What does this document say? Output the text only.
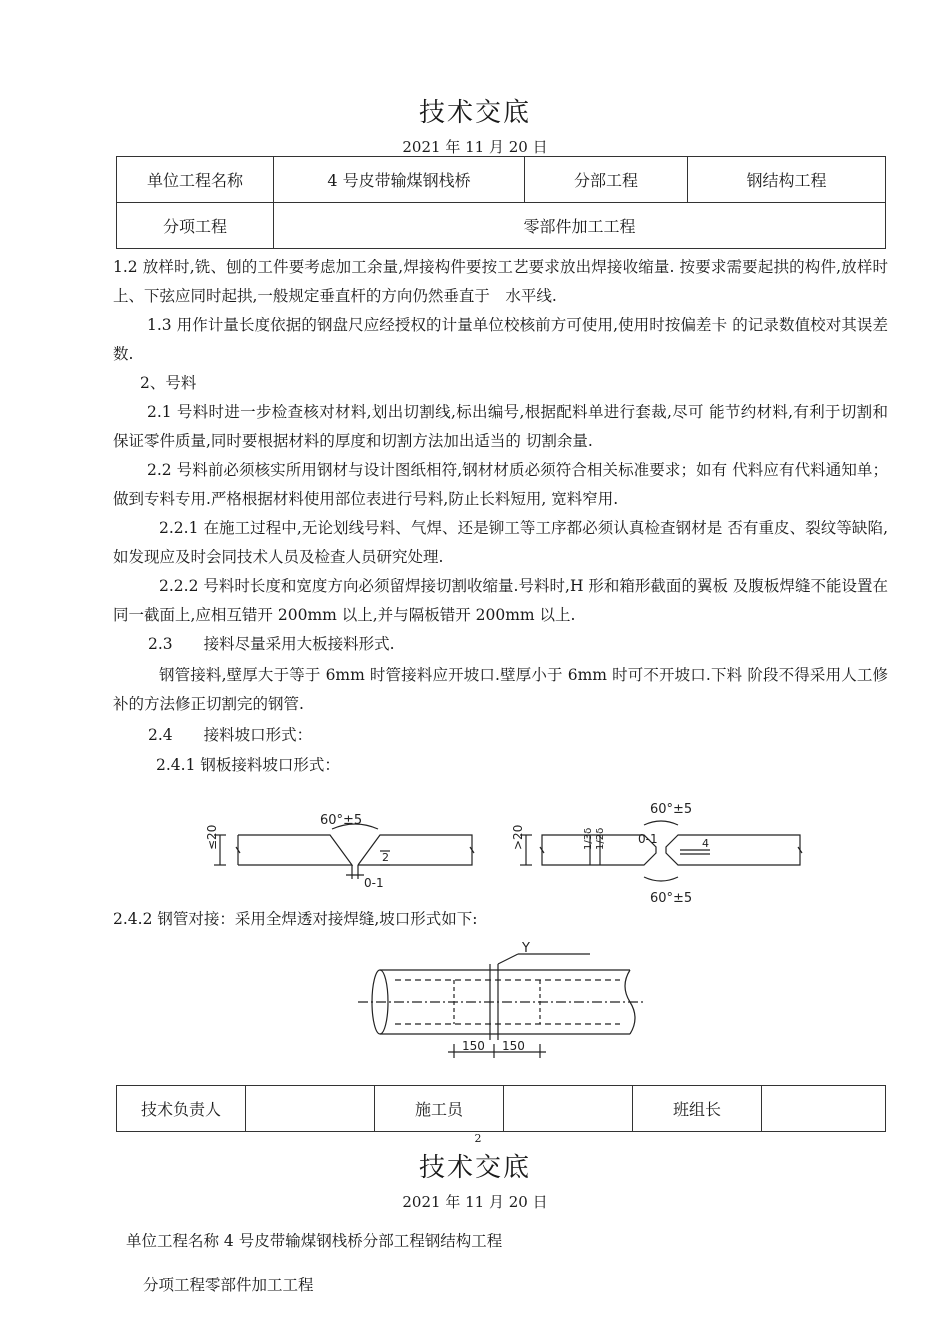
技术交底
2021 年 11 月 20 日
单位工程名称	4 号皮带输煤钢栈桥	分部工程	钢结构工程
分项工程	零部件加工工程		
1.2 放样时,铣、刨的工件要考虑加工余量,焊接构件要按工艺要求放出焊接收缩量. 按要求需要起拱的构件,放样时上、下弦应同时起拱,一般规定垂直杆的方向仍然垂直于　水平线.
1.3 用作计量长度依据的钢盘尺应经授权的计量单位校核前方可使用,使用时按偏差卡 的记录数值校对其误差数.
2、号料
2.1 号料时进一步检查核对材料,划出切割线,标出编号,根据配料单进行套裁,尽可 能节约材料,有利于切割和保证零件质量,同时要根据材料的厚度和切割方法加出适当的 切割余量.
2.2 号料前必须核实所用钢材与设计图纸相符,钢材材质必须符合相关标准要求；如有 代料应有代料通知单；做到专料专用.严格根据材料使用部位表进行号料,防止长料短用, 宽料窄用.
2.2.1 在施工过程中,无论划线号料、气焊、还是铆工等工序都必须认真检查钢材是 否有重皮、裂纹等缺陷,如发现应及时会同技术人员及检查人员研究处理.
2.2.2 号料时长度和宽度方向必须留焊接切割收缩量.号料时,H 形和箱形截面的翼板 及腹板焊缝不能设置在同一截面上,应相互错开 200mm 以上,并与隔板错开 200mm 以上.
2.3　　接料尽量采用大板接料形式.
钢管接料,壁厚大于等于 6mm 时管接料应开坡口.壁厚小于 6mm 时可不开坡口.下料 阶段不得采用人工修补的方法修正切割完的钢管.
2.4　　接料坡口形式：
2.4.1 钢板接料坡口形式：
60°±5
≤20
0-1
2
60°±5
60°±5
>20	0-1	4
1/3δ 1/2δ
2.4.2 钢管对接：采用全焊透对接焊缝,坡口形式如下:
Y
150 150
技术负责人		施工员		班组长	
2
技术交底
2021 年 11 月 20 日
单位工程名称 4 号皮带输煤钢栈桥分部工程钢结构工程
分项工程零部件加工工程
